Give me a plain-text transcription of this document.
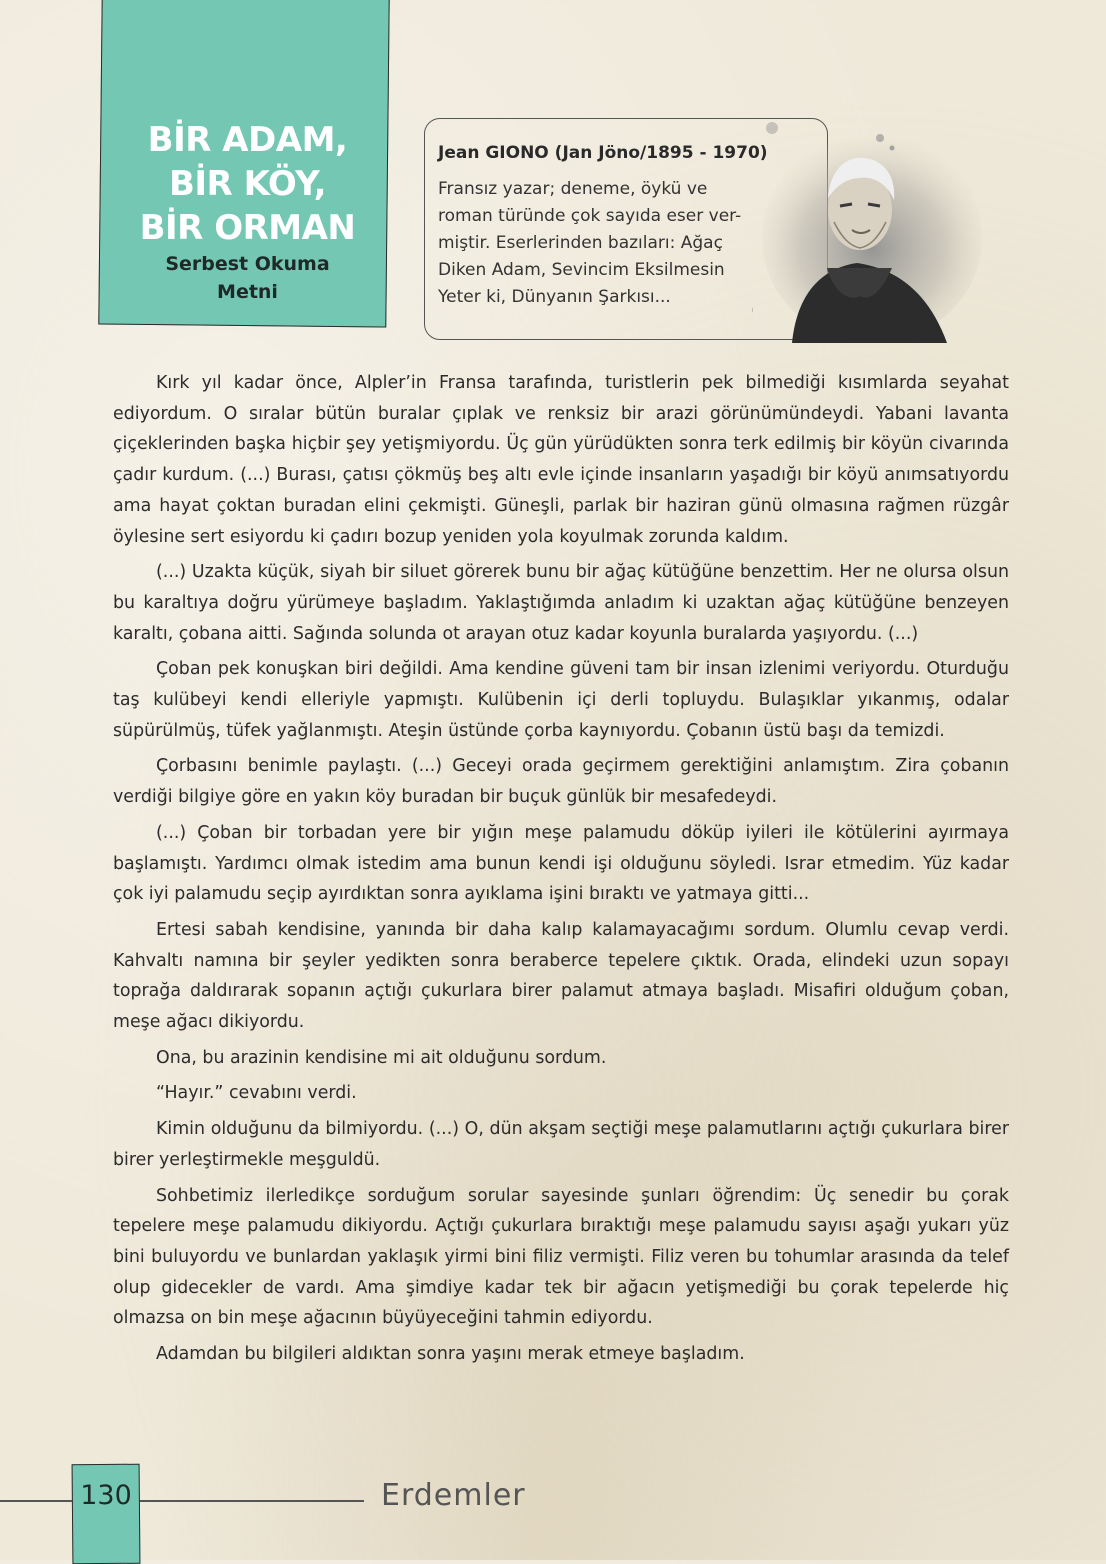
BİR ADAM,
BİR KÖY,
BİR ORMAN
Serbest Okuma
Metni
Jean GIONO (Jan Jöno/1895 - 1970)
Fransız yazar; deneme, öykü ve
roman türünde çok sayıda eser ver-
miştir. Eserlerinden bazıları: Ağaç
Diken Adam, Sevincim Eksilmesin
Yeter ki, Dünyanın Şarkısı...

Kırk yıl kadar önce, Alpler’in Fransa tarafında, turistlerin pek bilmediği kısımlarda seyahat ediyordum. O sıralar bütün buralar çıplak ve renksiz bir arazi görünümündeydi. Yabani lavanta çiçeklerinden başka hiçbir şey yetişmiyordu. Üç gün yürüdükten sonra terk edilmiş bir köyün civarında çadır kurdum. (...) Burası, çatısı çökmüş beş altı evle içinde insanların yaşadığı bir köyü anımsatıyordu ama hayat çoktan buradan elini çekmişti. Güneşli, parlak bir haziran günü olmasına rağmen rüzgâr öylesine sert esiyordu ki çadırı bozup yeniden yola koyulmak zorunda kaldım.

(...) Uzakta küçük, siyah bir siluet görerek bunu bir ağaç kütüğüne benzettim. Her ne olursa olsun bu karaltıya doğru yürümeye başladım. Yaklaştığımda anladım ki uzaktan ağaç kütüğüne benzeyen karaltı, çobana aitti. Sağında solunda ot arayan otuz kadar koyunla buralarda yaşıyordu. (...)

Çoban pek konuşkan biri değildi. Ama kendine güveni tam bir insan izlenimi veriyordu. Oturduğu taş kulübeyi kendi elleriyle yapmıştı. Kulübenin içi derli topluydu. Bulaşıklar yıkanmış, odalar süpürülmüş, tüfek yağlanmıştı. Ateşin üstünde çorba kaynıyordu. Çobanın üstü başı da temizdi.

Çorbasını benimle paylaştı. (...) Geceyi orada geçirmem gerektiğini anlamıştım. Zira çobanın verdiği bilgiye göre en yakın köy buradan bir buçuk günlük bir mesafedeydi.

(...) Çoban bir torbadan yere bir yığın meşe palamudu döküp iyileri ile kötülerini ayırmaya başlamıştı. Yardımcı olmak istedim ama bunun kendi işi olduğunu söyledi. Israr etmedim. Yüz kadar çok iyi palamudu seçip ayırdıktan sonra ayıklama işini bıraktı ve yatmaya gitti...

Ertesi sabah kendisine, yanında bir daha kalıp kalamayacağımı sordum. Olumlu cevap verdi. Kahvaltı namına bir şeyler yedikten sonra beraberce tepelere çıktık. Orada, elindeki uzun sopayı toprağa daldırarak sopanın açtığı çukurlara birer palamut atmaya başladı. Misafiri olduğum çoban, meşe ağacı dikiyordu.

Ona, bu arazinin kendisine mi ait olduğunu sordum.

“Hayır.” cevabını verdi.

Kimin olduğunu da bilmiyordu. (...) O, dün akşam seçtiği meşe palamutlarını açtığı çukurlara birer birer yerleştirmekle meşguldü.

Sohbetimiz ilerledikçe sorduğum sorular sayesinde şunları öğrendim: Üç senedir bu çorak tepelere meşe palamudu dikiyordu. Açtığı çukurlara bıraktığı meşe palamudu sayısı aşağı yukarı yüz bini buluyordu ve bunlardan yaklaşık yirmi bini filiz vermişti. Filiz veren bu tohumlar arasında da telef olup gidecekler de vardı. Ama şimdiye kadar tek bir ağacın yetişmediği bu çorak tepelerde hiç olmazsa on bin meşe ağacının büyüyeceğini tahmin ediyordu.

Adamdan bu bilgileri aldıktan sonra yaşını merak etmeye başladım.

130	Erdemler
